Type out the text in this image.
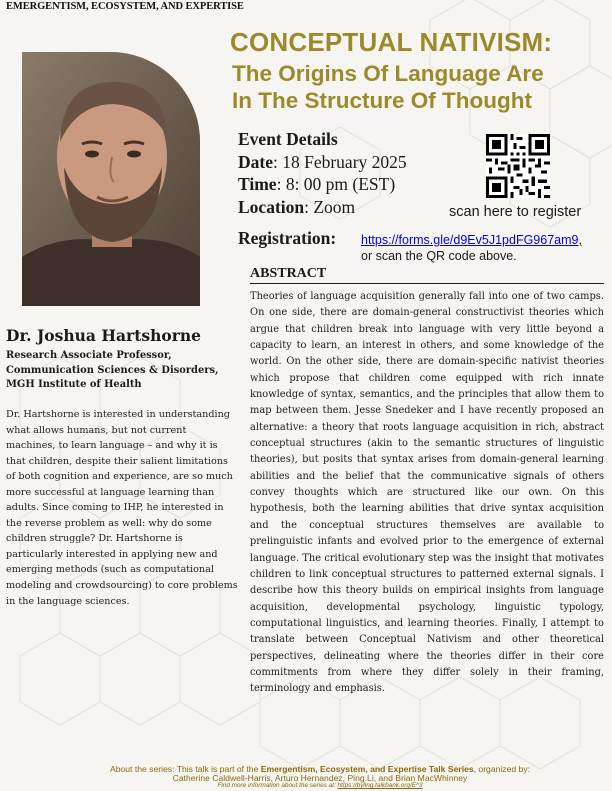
EMERGENTISM, ECOSYSTEM, AND EXPERTISE
CONCEPTUAL NATIVISM:
The Origins Of Language Are
In The Structure Of Thought
Event Details
Date: 18 February 2025
Time: 8: 00 pm (EST)
Location: Zoom	scan here to register
Registration: https://forms.gle/d9Ev5J1pdFG967am9,
or scan the QR code above.
ABSTRACT
Theories of language acquisition generally fall into one of two camps. On one side, there are domain-general constructivist theories which argue that children break into language with very little beyond a capacity to learn, an interest in others, and some knowledge of the world. On the other side, there are domain-specific nativist theories which propose that children come equipped with rich innate knowledge of syntax, semantics, and the principles that allow them to map between them. Jesse Snedeker and I have recently proposed an alternative: a theory that roots language acquisition in rich, abstract conceptual structures (akin to the semantic structures of linguistic theories), but posits that syntax arises from domain-general learning abilities and the belief that the communicative signals of others convey thoughts which are structured like our own. On this hypothesis, both the learning abilities that drive syntax acquisition and the conceptual structures themselves are available to prelinguistic infants and evolved prior to the emergence of external language. The critical evolutionary step was the insight that motivates children to link conceptual structures to patterned external signals. I describe how this theory builds on empirical insights from language acquisition, developmental psychology, linguistic typology, computational linguistics, and learning theories. Finally, I attempt to translate between Conceptual Nativism and other theoretical perspectives, delineating where the theories differ in their core commitments from where they differ solely in their framing, terminology and emphasis.
Dr. Joshua Hartshorne
Research Associate Professor, Communication Sciences & Disorders, MGH Institute of Health
Dr. Hartshorne is interested in understanding what allows humans, but not current machines, to learn language – and why it is that children, despite their salient limitations of both cognition and experience, are so much more successful at language learning than adults. Since coming to IHP, he interested in the reverse problem as well: why do some children struggle? Dr. Hartshorne is particularly interested in applying new and emerging methods (such as computational modeling and crowdsourcing) to core problems in the language sciences.
About the series: This talk is part of the Emergentism, Ecosystem, and Expertise Talk Series, organized by:
Catherine Caldwell-Harris, Arturo Hernandez, Ping Li, and Brian MacWhinney
Find more information about the series at: https://byling.talkbank.org/E^3
